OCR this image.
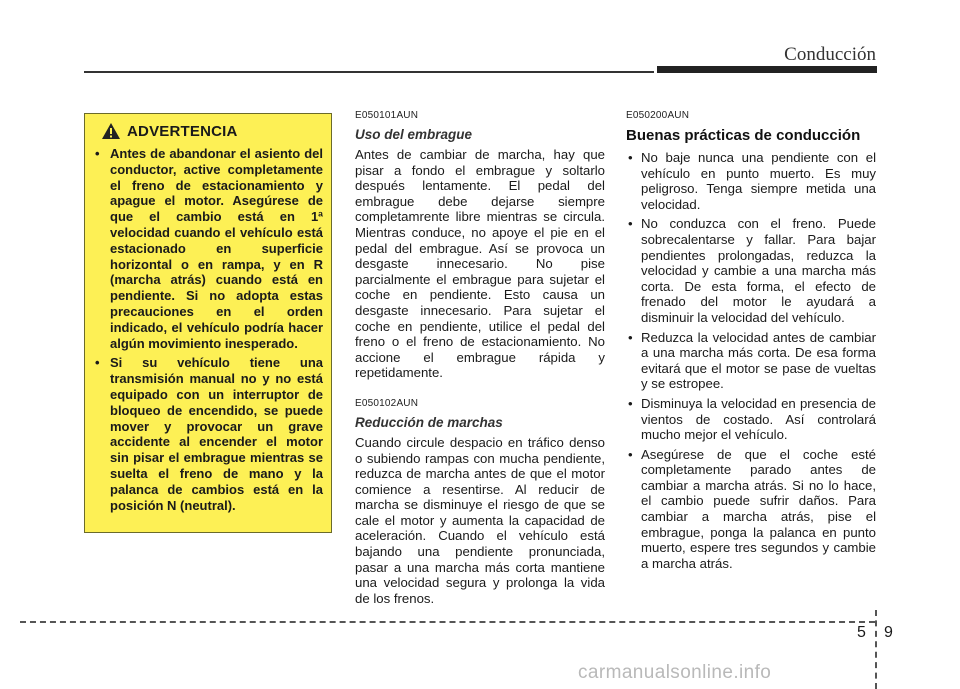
Conducción
ADVERTENCIA
• Antes de abandonar el asiento del conductor, active completamente el freno de estacionamiento y apague el motor. Asegúrese de que el cambio está en 1ª velocidad cuando el vehículo está estacionado en superficie horizontal o en rampa, y en R (marcha atrás) cuando está en pendiente. Si no adopta estas precauciones en el orden indicado, el vehículo podría hacer algún movimiento inesperado.
• Si su vehículo tiene una transmisión manual no y no está equipado con un interruptor de bloqueo de encendido, se puede mover y provocar un grave accidente al encender el motor sin pisar el embrague mientras se suelta el freno de mano y la palanca de cambios está en la posición N (neutral).
E050101AUN
Uso del embrague

Antes de cambiar de marcha, hay que pisar a fondo el embrague y soltarlo después lentamente. El pedal del embrague debe dejarse siempre completamrente libre mientras se circula. Mientras conduce, no apoye el pie en el pedal del embrague. Así se provoca un desgaste innecesario. No pise parcialmente el embrague para sujetar el coche en pendiente. Esto causa un desgaste innecesario. Para sujetar el coche en pendiente, utilice el pedal del freno o el freno de estacionamiento. No accione el embrague rápida y repetidamente.

E050102AUN
Reducción de marchas

Cuando circule despacio en tráfico denso o subiendo rampas con mucha pendiente, reduzca de marcha antes de que el motor comience a resentirse. Al reducir de marcha se disminuye el riesgo de que se cale el motor y aumenta la capacidad de aceleración. Cuando el vehículo está bajando una pendiente pronunciada, pasar a una marcha más corta mantiene una velocidad segura y prolonga la vida de los frenos.

E050200AUN
Buenas prácticas de conducción
• No baje nunca una pendiente con el vehículo en punto muerto. Es muy peligroso. Tenga siempre metida una velocidad.
• No conduzca con el freno. Puede sobrecalentarse y fallar. Para bajar pendientes prolongadas, reduzca la velocidad y cambie a una marcha más corta. De esta forma, el efecto de frenado del motor le ayudará a disminuir la velocidad del vehículo.
• Reduzca la velocidad antes de cambiar a una marcha más corta. De esa forma evitará que el motor se pase de vueltas y se estropee.
• Disminuya la velocidad en presencia de vientos de costado. Así controlará mucho mejor el vehículo.
• Asegúrese de que el coche esté completamente parado antes de cambiar a marcha atrás. Si no lo hace, el cambio puede sufrir daños. Para cambiar a marcha atrás, pise el embrague, ponga la palanca en punto muerto, espere tres segundos y cambie a marcha atrás.
5 9
carmanualsonline.info
